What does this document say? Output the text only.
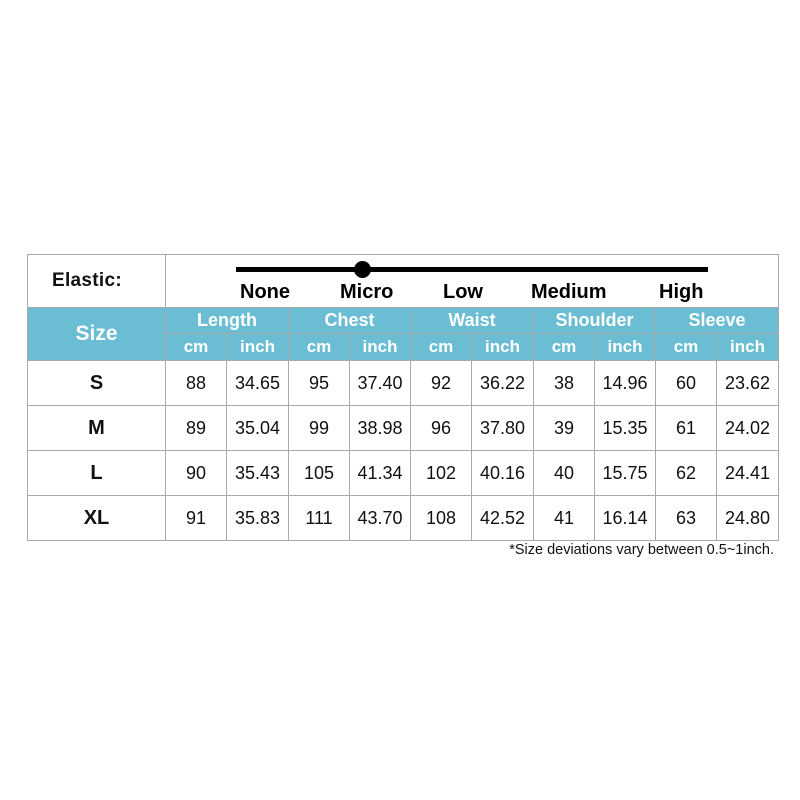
Elastic:	None Micro Low Medium High									

Size	Length		Chest		Waist		Shoulder		Sleeve	
	cm	inch	cm	inch	cm	inch	cm	inch	cm	inch
S	88	34.65	95	37.40	92	36.22	38	14.96	60	23.62
M	89	35.04	99	38.98	96	37.80	39	15.35	61	24.02
L	90	35.43	105	41.34	102	40.16	40	15.75	62	24.41
XL	91	35.83	111	43.70	108	42.52	41	16.14	63	24.80
*Size deviations vary between 0.5~1inch.
